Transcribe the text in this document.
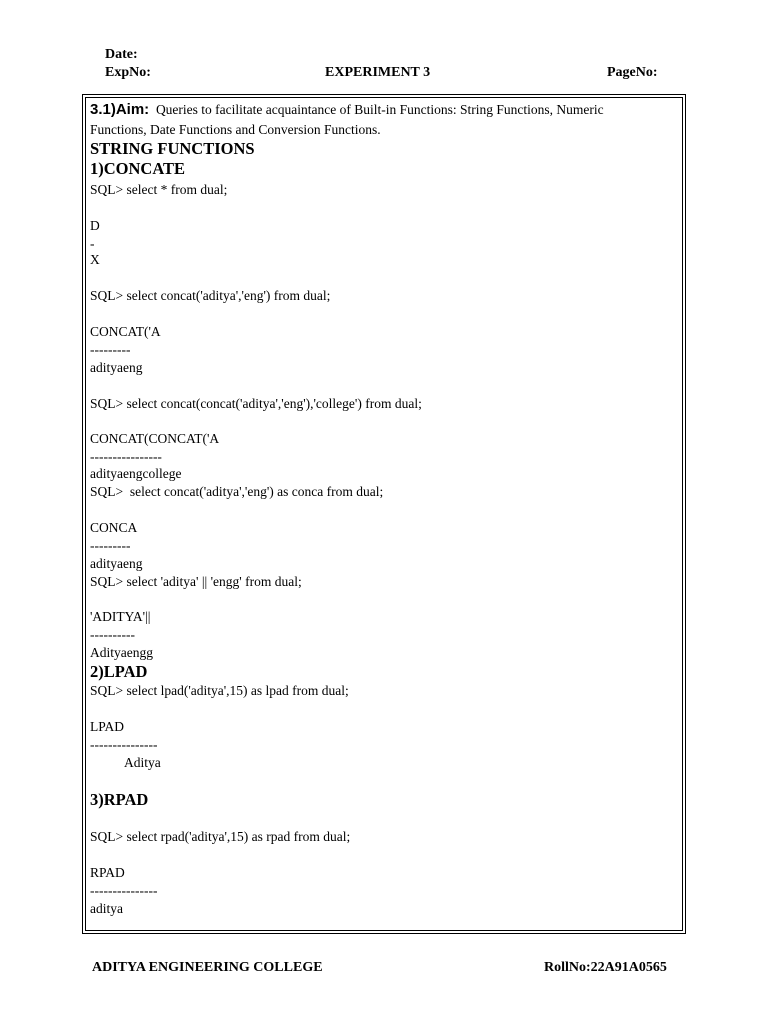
Date:
ExpNo:	EXPERIMENT 3	PageNo:
3.1)Aim: Queries to facilitate acquaintance of Built-in Functions: String Functions, Numeric
Functions, Date Functions and Conversion Functions.
STRING FUNCTIONS
1)CONCATE
SQL> select * from dual;
D
-
X
SQL> select concat('aditya','eng') from dual;
CONCAT('A
---------
adityaeng
SQL> select concat(concat('aditya','eng'),'college') from dual;
CONCAT(CONCAT('A
----------------
adityaengcollege
SQL>  select concat('aditya','eng') as conca from dual;
CONCA
---------
adityaeng
SQL> select 'aditya' || 'engg' from dual;
'ADITYA'||
----------
Adityaengg
2)LPAD
SQL> select lpad('aditya',15) as lpad from dual;
LPAD
---------------
Aditya
3)RPAD
SQL> select rpad('aditya',15) as rpad from dual;
RPAD
---------------
aditya
ADITYA ENGINEERING COLLEGE	RollNo:22A91A0565
